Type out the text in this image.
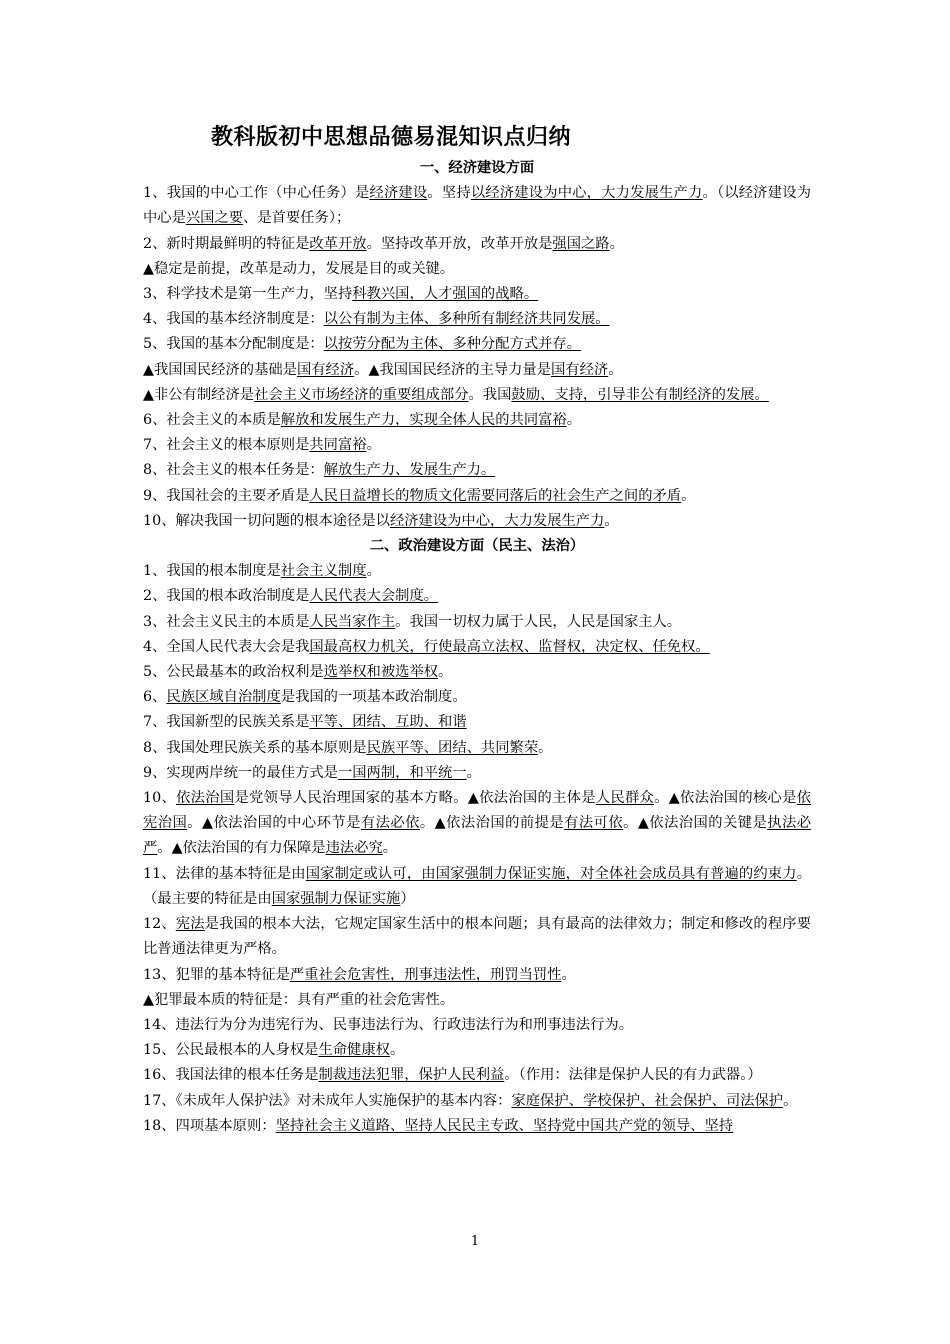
教科版初中思想品德易混知识点归纳

一、经济建设方面

1、我国的中心工作（中心任务）是经济建设。坚持以经济建设为中心，大力发展生产力。（以经济建设为中心是兴国之要、是首要任务）；

2、新时期最鲜明的特征是改革开放。坚持改革开放，改革开放是强国之路。

▲稳定是前提，改革是动力，发展是目的或关键。

3、科学技术是第一生产力，坚持科教兴国，人才强国的战略。

4、我国的基本经济制度是：以公有制为主体、多种所有制经济共同发展。

5、我国的基本分配制度是：以按劳分配为主体、多种分配方式并存。

▲我国国民经济的基础是国有经济。▲我国国民经济的主导力量是国有经济。

▲非公有制经济是社会主义市场经济的重要组成部分。我国鼓励、支持，引导非公有制经济的发展。

6、社会主义的本质是解放和发展生产力，实现全体人民的共同富裕。

7、社会主义的根本原则是共同富裕。

8、社会主义的根本任务是：解放生产力、发展生产力。

9、我国社会的主要矛盾是人民日益增长的物质文化需要同落后的社会生产之间的矛盾。

10、解决我国一切问题的根本途径是以经济建设为中心，大力发展生产力。

二、政治建设方面（民主、法治）

1、我国的根本制度是社会主义制度。

2、我国的根本政治制度是人民代表大会制度。

3、社会主义民主的本质是人民当家作主。我国一切权力属于人民，人民是国家主人。

4、全国人民代表大会是我国最高权力机关，行使最高立法权、监督权，决定权、任免权。

5、公民最基本的政治权利是选举权和被选举权。

6、民族区域自治制度是我国的一项基本政治制度。

7、我国新型的民族关系是平等、团结、互助、和谐

8、我国处理民族关系的基本原则是民族平等、团结、共同繁荣。

9、实现两岸统一的最佳方式是一国两制，和平统一。

10、依法治国是党领导人民治理国家的基本方略。▲依法治国的主体是人民群众。▲依法治国的核心是依宪治国。▲依法治国的中心环节是有法必依。▲依法治国的前提是有法可依。▲依法治国的关键是执法必严。▲依法治国的有力保障是违法必究。

11、法律的基本特征是由国家制定或认可，由国家强制力保证实施，对全体社会成员具有普遍的约束力。（最主要的特征是由国家强制力保证实施）

12、宪法是我国的根本大法，它规定国家生活中的根本问题；具有最高的法律效力；制定和修改的程序要比普通法律更为严格。

13、犯罪的基本特征是严重社会危害性，刑事违法性，刑罚当罚性。

▲犯罪最本质的特征是：具有严重的社会危害性。

14、违法行为分为违宪行为、民事违法行为、行政违法行为和刑事违法行为。

15、公民最根本的人身权是生命健康权。

16、我国法律的根本任务是制裁违法犯罪，保护人民利益。（作用：法律是保护人民的有力武器。）

17、《未成年人保护法》对未成年人实施保护的基本内容：家庭保护、学校保护、社会保护、司法保护。

18、四项基本原则：坚持社会主义道路、坚持人民民主专政、坚持党中国共产党的领导、坚持

1
